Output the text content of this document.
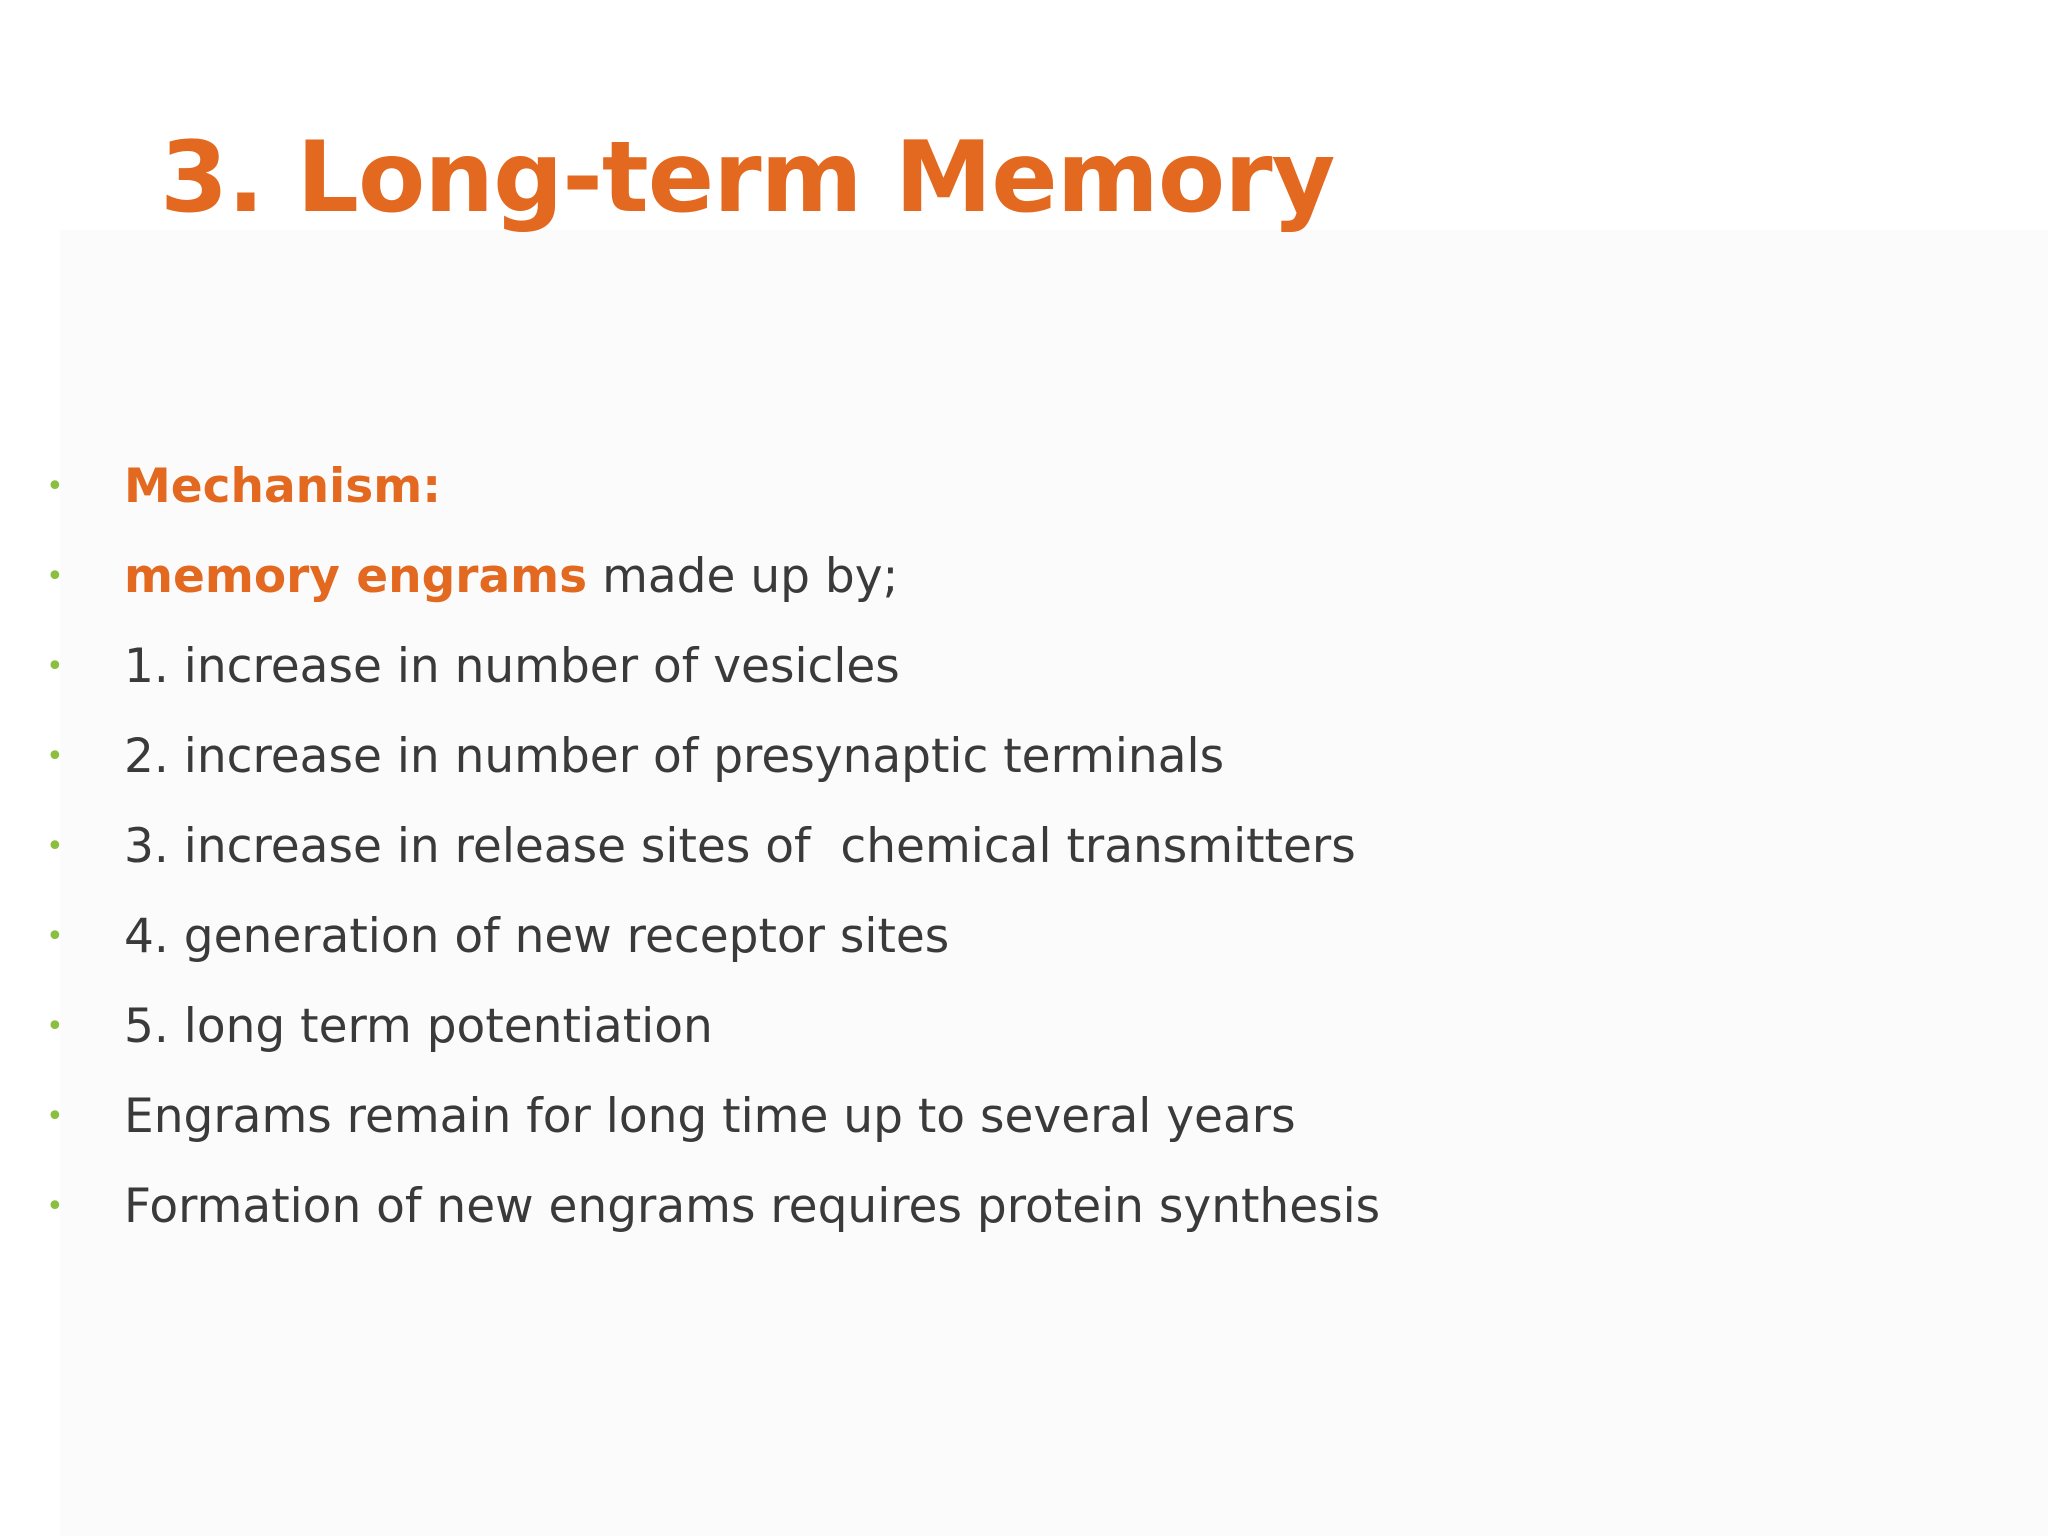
3. Long-term Memory
• Mechanism:
• memory engrams made up by;
• 1. increase in number of vesicles
• 2. increase in number of presynaptic terminals
• 3. increase in release sites of  chemical transmitters
• 4. generation of new receptor sites
• 5. long term potentiation
• Engrams remain for long time up to several years
• Formation of new engrams requires protein synthesis
